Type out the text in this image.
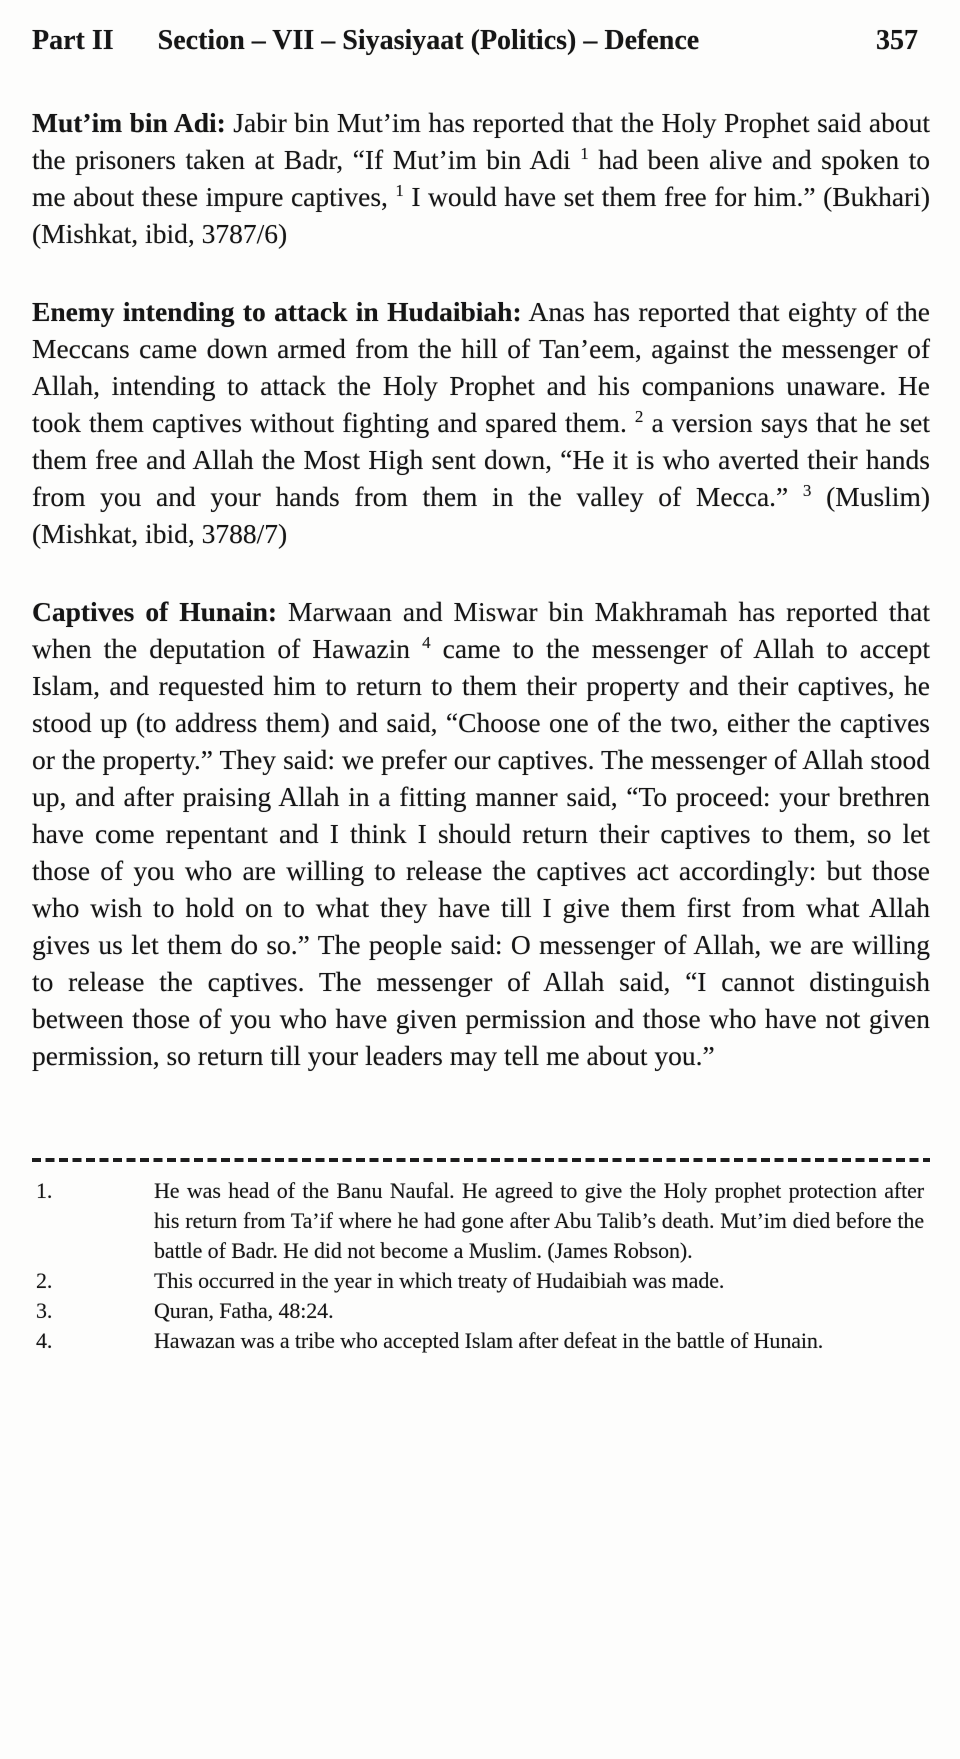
Part II Section – VII – Siyasiyaat (Politics) – Defence	357

Mut’im bin Adi: Jabir bin Mut’im has reported that the Holy Prophet said about the prisoners taken at Badr, “If Mut’im bin Adi $^1$ had been alive and spoken to me about these impure captives, $^1$ I would have set them free for him.” (Bukhari) (Mishkat, ibid, 3787/6)

Enemy intending to attack in Hudaibiah: Anas has reported that eighty of the Meccans came down armed from the hill of Tan’eem, against the messenger of Allah, intending to attack the Holy Prophet and his companions unaware. He took them captives without fighting and spared them. $^2$ a version says that he set them free and Allah the Most High sent down, “He it is who averted their hands from you and your hands from them in the valley of Mecca.” $^3$ (Muslim) (Mishkat, ibid, 3788/7)

Captives of Hunain: Marwaan and Miswar bin Makhramah has reported that when the deputation of Hawazin $^4$ came to the messenger of Allah to accept Islam, and requested him to return to them their property and their captives, he stood up (to address them) and said, “Choose one of the two, either the captives or the property.” They said: we prefer our captives. The messenger of Allah stood up, and after praising Allah in a fitting manner said, “To proceed: your brethren have come repentant and I think I should return their captives to them, so let those of you who are willing to release the captives act accordingly: but those who wish to hold on to what they have till I give them first from what Allah gives us let them do so.” The people said: O messenger of Allah, we are willing to release the captives. The messenger of Allah said, “I cannot distinguish between those of you who have given permission and those who have not given permission, so return till your leaders may tell me about you.”

1.	He was head of the Banu Naufal. He agreed to give the Holy prophet protection after his return from Ta’if where he had gone after Abu Talib’s death. Mut’im died before the battle of Badr. He did not become a Muslim. (James Robson).
2.	This occurred in the year in which treaty of Hudaibiah was made.
3.	Quran, Fatha, 48:24.
4.	Hawazan was a tribe who accepted Islam after defeat in the battle of Hunain.
